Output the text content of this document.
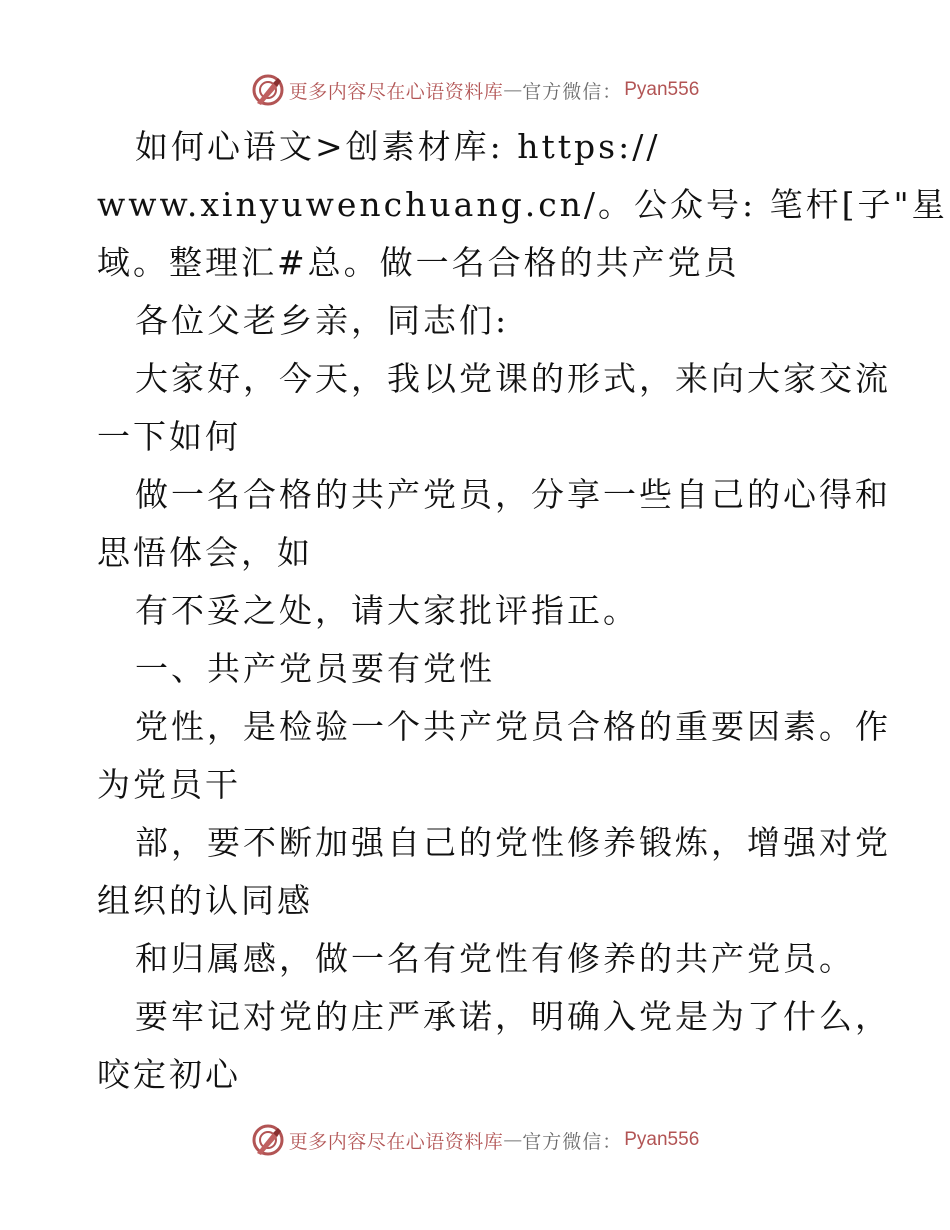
更多内容尽在心语资料库 — 官方微信： Pyan556
如何心语文>创素材库: https://
www.xinyuwenchuang.cn/。公众号: 笔杆[子"星
域。整理汇#总。做一名合格的共产党员
各位父老乡亲，同志们:
大家好，今天，我以党课的形式，来向大家交流
一下如何
做一名合格的共产党员，分享一些自己的心得和
思悟体会，如
有不妥之处，请大家批评指正。
一、共产党员要有党性
党性，是检验一个共产党员合格的重要因素。作
为党员干
部，要不断加强自己的党性修养锻炼，增强对党
组织的认同感
和归属感，做一名有党性有修养的共产党员。
要牢记对党的庄严承诺，明确入党是为了什么，
咬定初心
更多内容尽在心语资料库 — 官方微信： Pyan556
